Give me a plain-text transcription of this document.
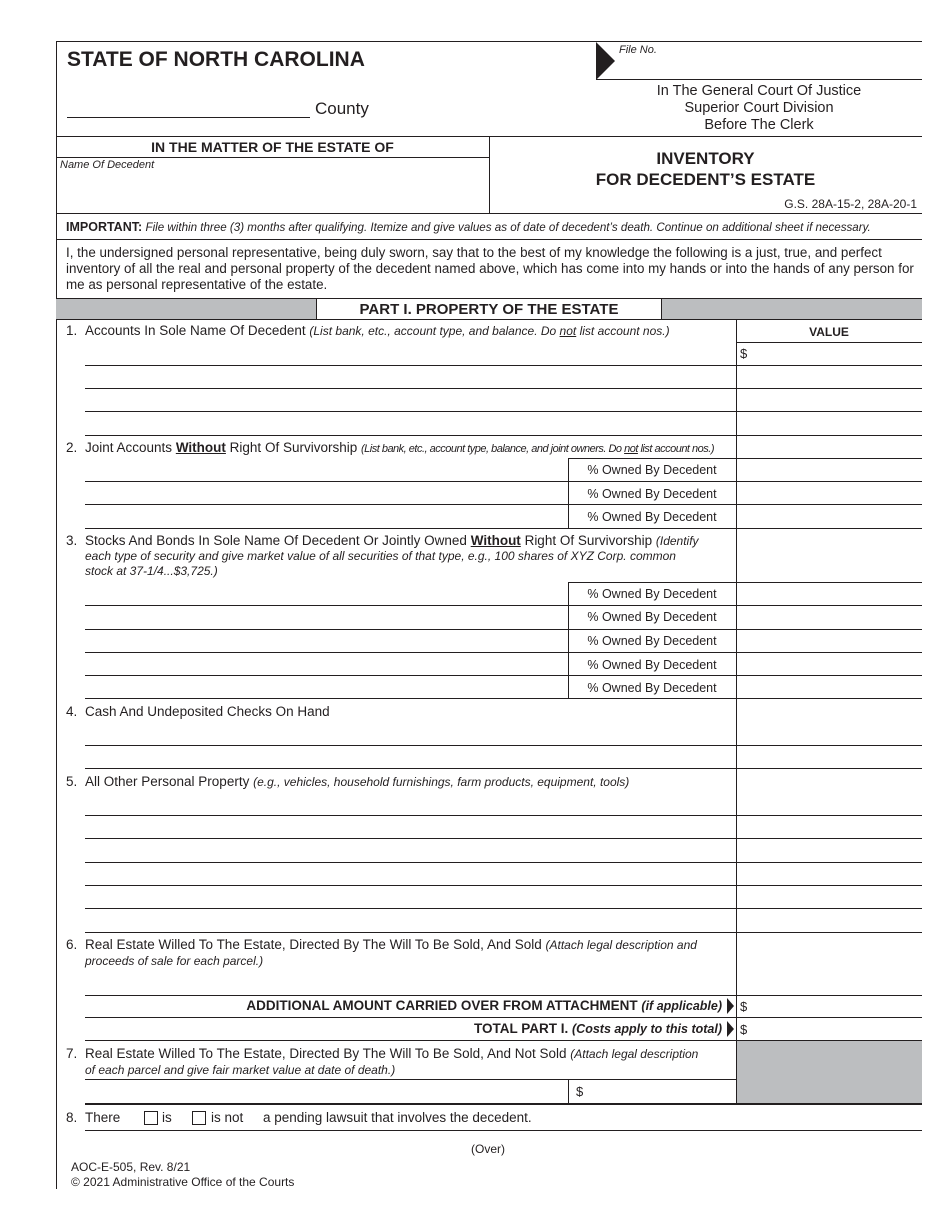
STATE OF NORTH CAROLINA	File No.
County
In The General Court Of Justice
Superior Court Division
Before The Clerk
IN THE MATTER OF THE ESTATE OF
Name Of Decedent	INVENTORY
FOR DECEDENT’S ESTATE
G.S. 28A-15-2, 28A-20-1
IMPORTANT: File within three (3) months after qualifying. Itemize and give values as of date of decedent’s death. Continue on additional sheet if necessary.
I, the undersigned personal representative, being duly sworn, say that to the best of my knowledge the following is a just, true, and perfect inventory of all the real and personal property of the decedent named above, which has come into my hands or into the hands of any person for me as personal representative of the estate.
PART I. PROPERTY OF THE ESTATE
VALUE
1. Accounts In Sole Name Of Decedent (List bank, etc., account type, and balance. Do not list account nos.)
$
2. Joint Accounts Without Right Of Survivorship (List bank, etc., account type, balance, and joint owners. Do not list account nos.)
% Owned By Decedent
% Owned By Decedent
% Owned By Decedent
3. Stocks And Bonds In Sole Name Of Decedent Or Jointly Owned Without Right Of Survivorship (Identify
each type of security and give market value of all securities of that type, e.g., 100 shares of XYZ Corp. common
stock at 37-1/4...$3,725.)
% Owned By Decedent
% Owned By Decedent
% Owned By Decedent
% Owned By Decedent
% Owned By Decedent
4. Cash And Undeposited Checks On Hand
5. All Other Personal Property (e.g., vehicles, household furnishings, farm products, equipment, tools)
6. Real Estate Willed To The Estate, Directed By The Will To Be Sold, And Sold (Attach legal description and
proceeds of sale for each parcel.)
ADDITIONAL AMOUNT CARRIED OVER FROM ATTACHMENT (if applicable) $
TOTAL PART I. (Costs apply to this total) $
7. Real Estate Willed To The Estate, Directed By The Will To Be Sold, And Not Sold (Attach legal description
of each parcel and give fair market value at date of death.)
$
8. There	is	is not a pending lawsuit that involves the decedent.
(Over)
AOC-E-505, Rev. 8/21
© 2021 Administrative Office of the Courts
